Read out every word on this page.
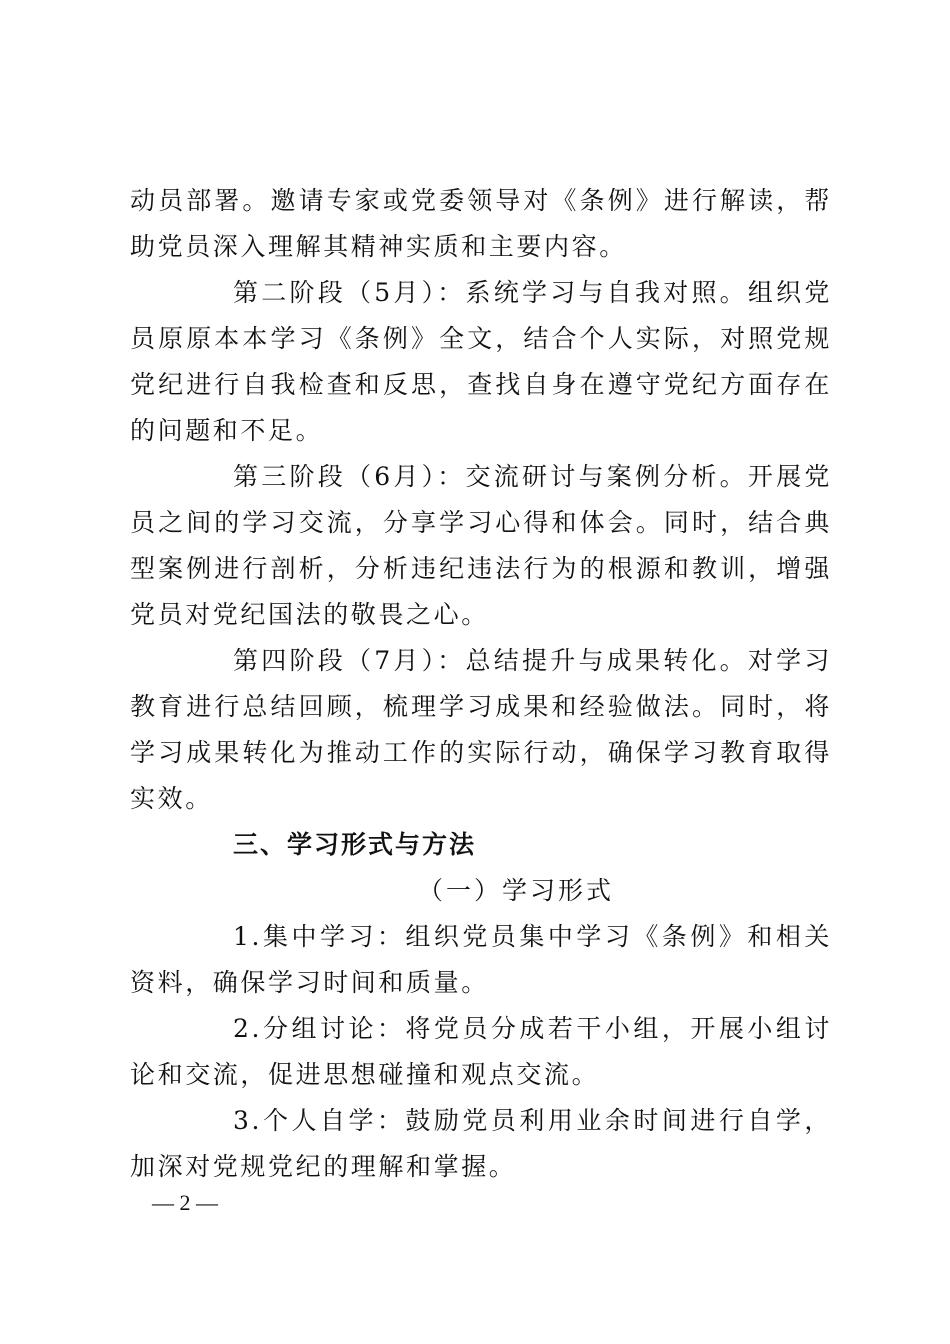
动员部署。邀请专家或党委领导对《条例》进行解读，帮助党员深入理解其精神实质和主要内容。

第二阶段（5月）：系统学习与自我对照。组织党员原原本本学习《条例》全文，结合个人实际，对照党规党纪进行自我检查和反思，查找自身在遵守党纪方面存在的问题和不足。

第三阶段（6月）：交流研讨与案例分析。开展党员之间的学习交流，分享学习心得和体会。同时，结合典型案例进行剖析，分析违纪违法行为的根源和教训，增强党员对党纪国法的敬畏之心。

第四阶段（7月）：总结提升与成果转化。对学习教育进行总结回顾，梳理学习成果和经验做法。同时，将学习成果转化为推动工作的实际行动，确保学习教育取得实效。

三、学习形式与方法

（一）学习形式

1.集中学习：组织党员集中学习《条例》和相关资料，确保学习时间和质量。

2.分组讨论：将党员分成若干小组，开展小组讨论和交流，促进思想碰撞和观点交流。

3.个人自学：鼓励党员利用业余时间进行自学，加深对党规党纪的理解和掌握。

— 2 —
